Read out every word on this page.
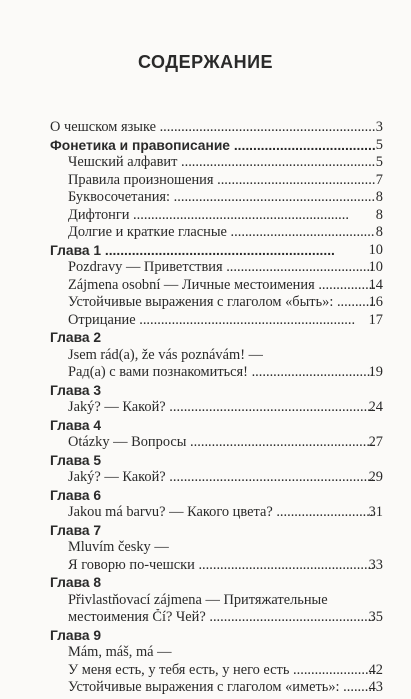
СОДЕРЖАНИЕ
О чешском языке .....	3
Фонетика и правописание .....	5
Чешский алфавит .....	5
Правила произношения .....	7
Буквосочетания: .....	8
Дифтонги .....	8
Долгие и краткие гласные .....	8
Глава 1 .....	10
Pozdravy — Приветствия .....	10
Zájmena osobní — Личные местоимения .....	14
Устойчивые выражения с глаголом «быть»: .....	16
Отрицание .....	17
Глава 2
Jsem rád(a), že vás poznávám! —
Рад(а) с вами познакомиться! .....	19
Глава 3
Jaký? — Какой? .....	24
Глава 4
Otázky — Вопросы .....	27
Глава 5
Jaký? — Какой? .....	29
Глава 6
Jakou má barvu? — Какого цвета? .....	31
Глава 7
Mluvím česky —
Я говорю по-чешски .....	33
Глава 8
Přivlastňovací zájmena — Притяжательные
местоимения Čí? Чей? .....	35
Глава 9
Mám, máš, má —
У меня есть, у тебя есть, у него есть .....	42
Устойчивые выражения с глаголом «иметь»: .....	43
